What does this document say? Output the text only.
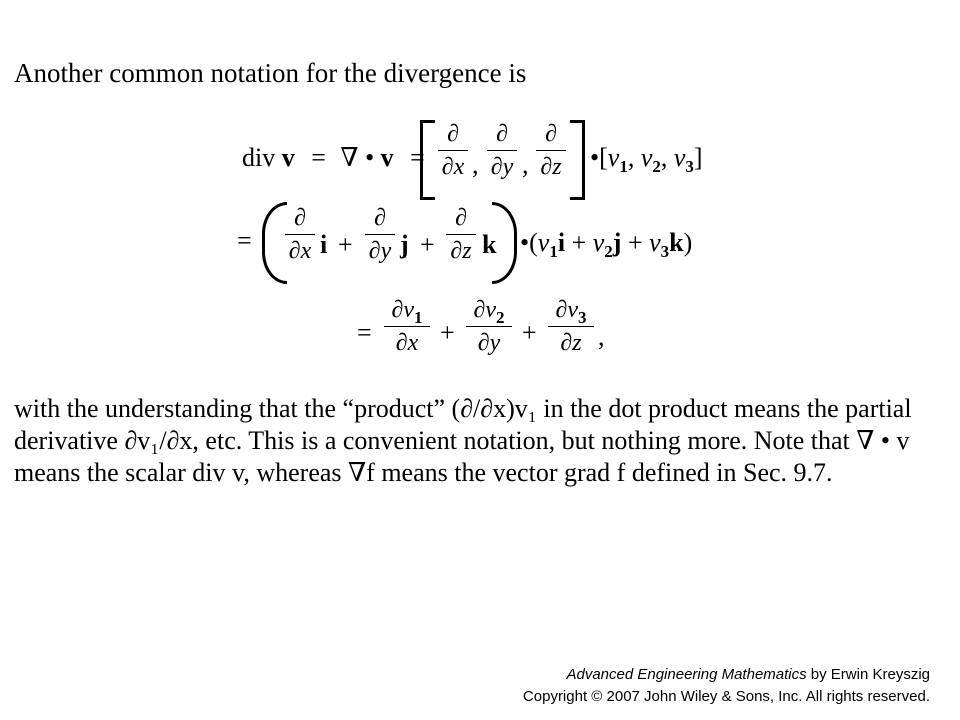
Another common notation for the divergence is
div v = ∇ • v =
∂
∂x ,
∂
∂y ,
∂
∂z $•[v_1$, $v_2$, $v_3$]
=
∂
∂x i +
∂
∂y j +
∂
∂z k $•(v_1i + v_2j + v_3k)$
=
$\partial v_1$
∂x +
$\partial v_2$
∂y +
$\partial v_3$
∂z ,
with the understanding that the “product” (∂/∂x)v₁ in the dot product means the partial
derivative ∂v₁/∂x, etc. This is a convenient notation, but nothing more. Note that ∇ • v
means the scalar div v, whereas ∇f means the vector grad f defined in Sec. 9.7.
Advanced Engineering Mathematics by Erwin Kreyszig
Copyright © 2007 John Wiley & Sons, Inc. All rights reserved.
